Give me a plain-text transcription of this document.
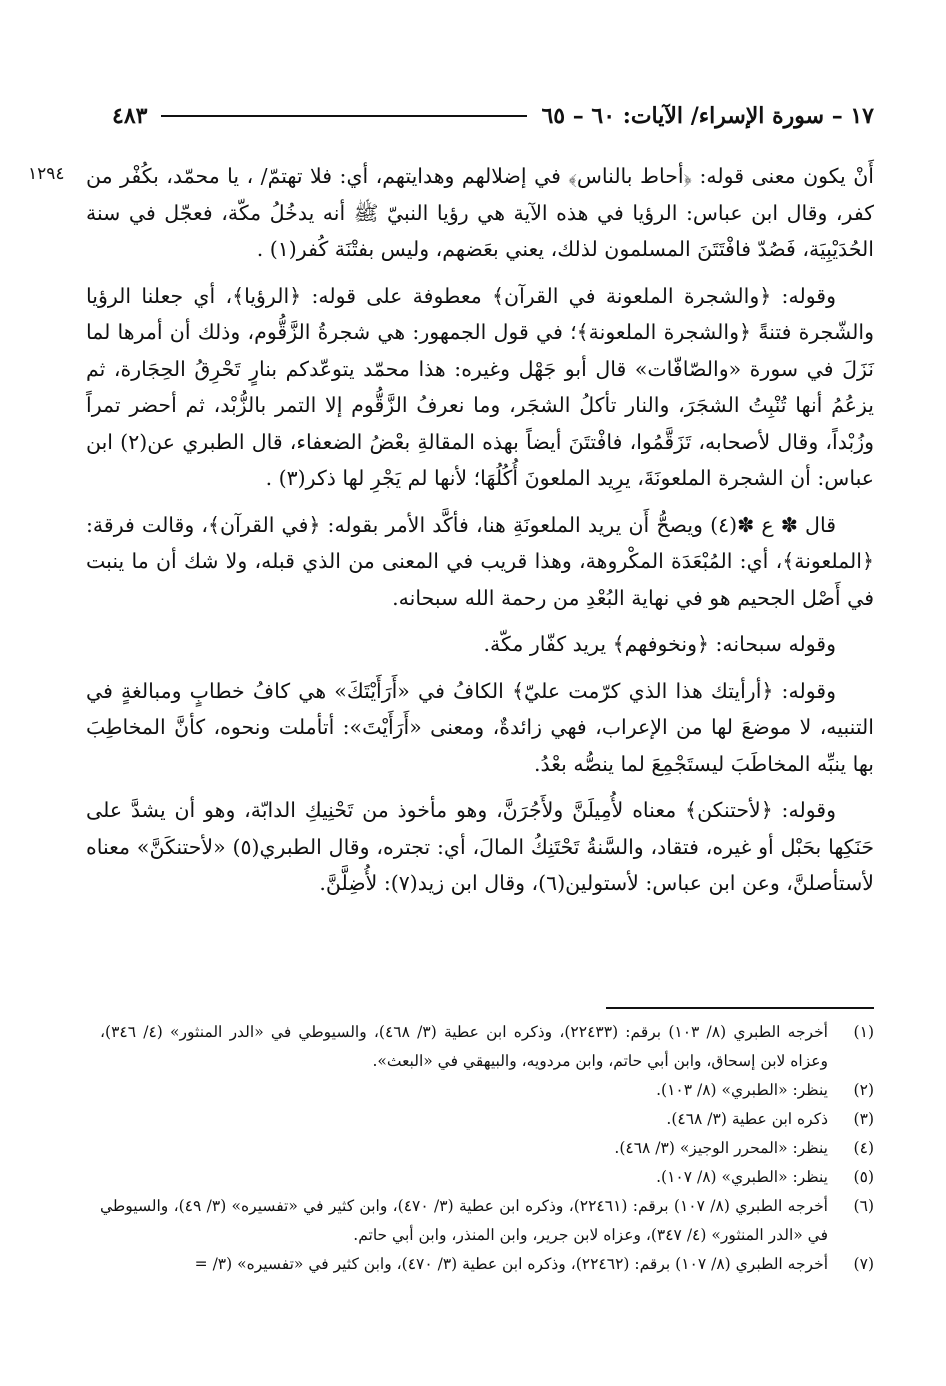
١٧ – سورة الإسراء/ الآيات: ٦٠ – ٦٥
٤٨٣
١٢٩٤ أَنْ يكون معنى قوله: ﴿أحاط بالناس﴾ في إضلالهم وهدايتهم، أي: فلا تهتمّ/ ، يا محمّد، بكُفْر من كفر، وقال ابن عباس: الرؤيا في هذه الآية هي رؤيا النبيّ ﷺ أنه يدخُلُ مكّة، فعجّل في سنة الحُدَيْبِيَة، فَصُدّ فافْتَتَنَ المسلمون لذلك، يعني بعَضهم، وليس بفتْنَة كُفر(١) .

وقوله: ﴿والشجرة الملعونة في القرآن﴾ معطوفة على قوله: ﴿الرؤيا﴾، أي جعلنا الرؤيا والشّجرة فتنةً ﴿والشجرة الملعونة﴾؛ في قول الجمهور: هي شجرةُ الزَّقُّوم، وذلك أن أمرها لما نَزَلَ في سورة «والصّافّات» قال أبو جَهْل وغيره: هذا محمّد يتوعّدكم بنارٍ تَحْرِقُ الحِجَارة، ثم يزعُمُ أنها تُنْبِتُ الشجَرَ، والنار تأكلُ الشجَر، وما نعرفُ الزَّقُّوم إلا التمر بالزُّبْد، ثم أحضر تمراً وزُبْداً، وقال لأصحابه، تَزَقَّمُوا، فافْتتَنَ أيضاً بهذه المقالةِ بعْضُ الضعفاء، قال الطبري عن(٢) ابن عباس: أن الشجرة الملعونَةَ، يرِيد الملعونَ أُكُلُهَا؛ لأنها لم يَجْرِ لها ذكر(٣) .

قال ✽ ع ✽(٤) ويصحُّ أَن يريد الملعونَةِ هنا، فأكَّد الأمر بقوله: ﴿في القرآن﴾، وقالت فرقة: ﴿الملعونة﴾، أي: المُبْعَدَة المكْروهة، وهذا قريب في المعنى من الذي قبله، ولا شك أن ما ينبت في أَصْل الجحيم هو في نهاية البُعْدِ من رحمة الله سبحانه.

وقوله سبحانه: ﴿ونخوفهم﴾ يريد كفّار مكّة.

وقوله: ﴿أرأيتك هذا الذي كرّمت عليّ﴾ الكافُ في «أَرَأَيْتَكَ» هي كافُ خطابٍ ومبالغةٍ في التنبيه، لا موضعَ لها من الإعراب، فهي زائدةٌ، ومعنى «أَرَأَيْتَ»: أتأملت ونحوه، كأنَّ المخاطِبَ بها ينبِّه المخاطَبَ ليستَجْمِعَ لما ينصُّه بعْدُ.

وقوله: ﴿لأحتنكن﴾ معناه لأُمِيلَنَّ ولأَجُرَنَّ، وهو مأخوذ من تَحْنِيكِ الدابّة، وهو أن يشدَّ على حَنَكِها بحَبْل أو غيره، فتقاد، والسَّنةُ تَحْتَنِكُ المالَ، أي: تجتره، وقال الطبري(٥) «لأحتنكَنَّ» معناه لأستأصلنَّ، وعن ابن عباس: لأستولين(٦)، وقال ابن زيد(٧): لأُضِلَّنَّ.

(١)
أخرجه الطبري (٨/ ١٠٣) برقم: (٢٢٤٣٣)، وذكره ابن عطية (٣/ ٤٦٨)، والسيوطي في «الدر المنثور» (٤/ ٣٤٦)، وعزاه لابن إسحاق، وابن أبي حاتم، وابن مردويه، والبيهقي في «البعث».
(٢)
ينظر: «الطبري» (٨/ ١٠٣).
(٣)
ذكره ابن عطية (٣/ ٤٦٨).
(٤)
ينظر: «المحرر الوجيز» (٣/ ٤٦٨).
(٥)
ينظر: «الطبري» (٨/ ١٠٧).
(٦)
أخرجه الطبري (٨/ ١٠٧) برقم: (٢٢٤٦١)، وذكره ابن عطية (٣/ ٤٧٠)، وابن كثير في «تفسيره» (٣/ ٤٩)، والسيوطي في «الدر المنثور» (٤/ ٣٤٧)، وعزاه لابن جرير، وابن المنذر، وابن أبي حاتم.
(٧)
أخرجه الطبري (٨/ ١٠٧) برقم: (٢٢٤٦٢)، وذكره ابن عطية (٣/ ٤٧٠)، وابن كثير في «تفسيره» (٣/ =
